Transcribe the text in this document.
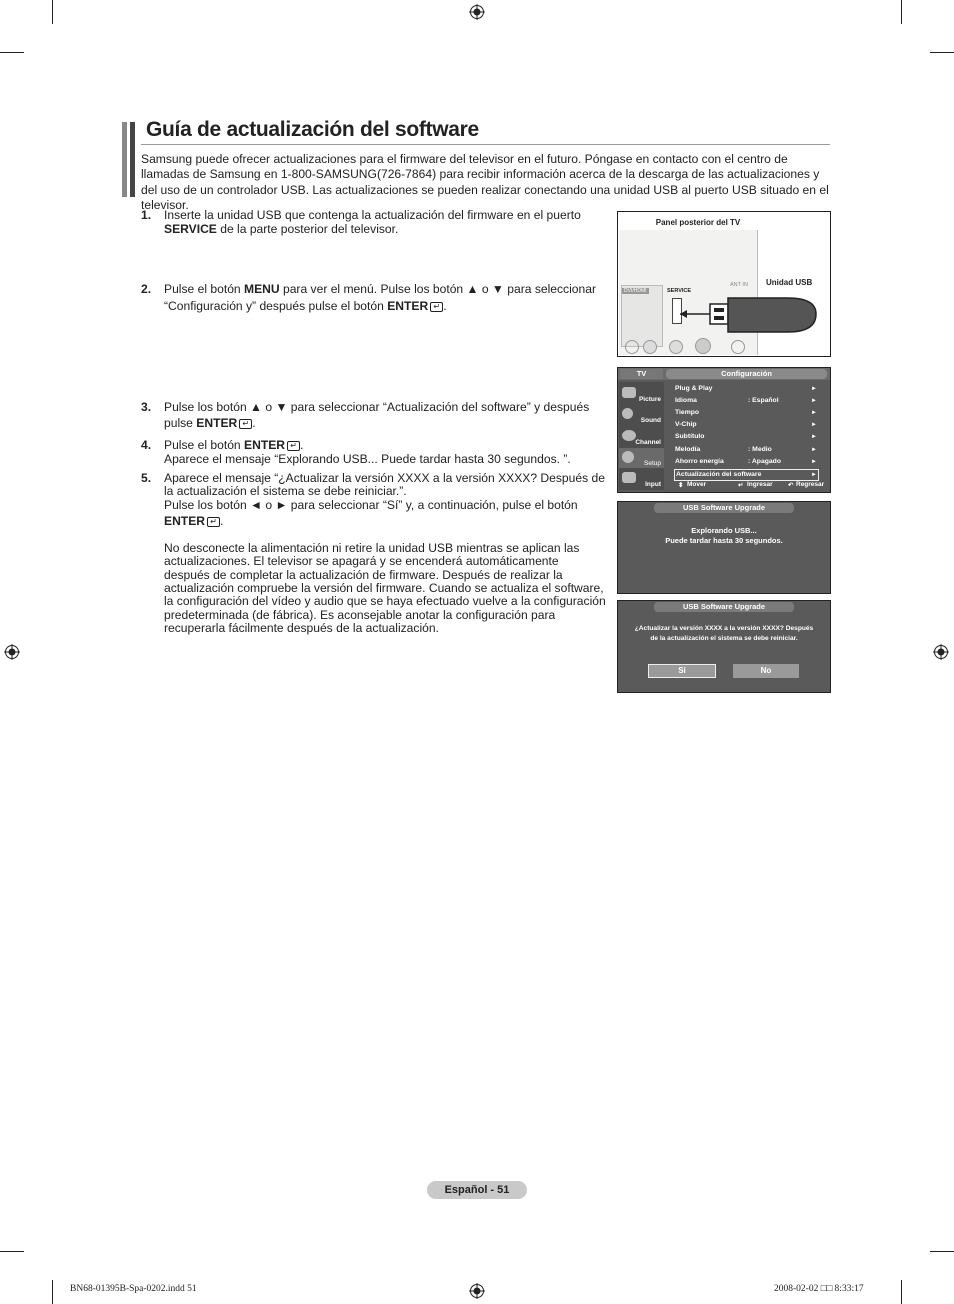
Guía de actualización del software
Samsung puede ofrecer actualizaciones para el firmware del televisor en el futuro. Póngase en contacto con el centro de llamadas de Samsung en 1-800-SAMSUNG(726-7864) para recibir información acerca de la descarga de las actualizaciones y del uso de un controlador USB. Las actualizaciones se pueden realizar conectando una unidad USB al puerto USB situado en el televisor.
1. Inserte la unidad USB que contenga la actualización del firmware en el puerto SERVICE de la parte posterior del televisor.
2. Pulse el botón MENU para ver el menú. Pulse los botón ▲ o ▼ para seleccionar “Configuración y” después pulse el botón ENTER ↵ .
3. Pulse los botón ▲ o ▼ para seleccionar “Actualización del software” y después pulse ENTER ↵ .
4. Pulse el botón ENTER ↵ .
Aparece el mensaje “Explorando USB... Puede tardar hasta 30 segundos. ”.
5. Aparece el mensaje “¿Actualizar la versión XXXX a la versión XXXX? Después de la actualización el sistema se debe reiniciar.”.
Pulse los botón ◄ o ► para seleccionar “Sí” y, a continuación, pulse el botón
ENTER ↵ .
No desconecte la alimentación ni retire la unidad USB mientras se aplican las actualizaciones. El televisor se apagará y se encenderá automáticamente después de completar la actualización de firmware. Después de realizar la actualización compruebe la versión del firmware. Cuando se actualiza el software, la configuración del vídeo y audio que se haya efectuado vuelve a la configuración predeterminada (de fábrica). Es aconsejable anotar la configuración para recuperarla fácilmente después de la actualización.
DVI/HDMI	SERVICE
ANT IN
Panel posterior del TV
Unidad USB
TV	Configuración
Picture
Sound
Channel
Setup
Input
Plug & Play	►
Idioma	: Español	►
Tiempo	►
V-Chip	►
Subtítulo	►
Melodía	: Medio	►
Ahorro energía	: Apagado	►
Actualización del software	►
⬍ Mover	↵ Ingresar ↶ Regresar
USB Software Upgrade
Explorando USB...
Puede tardar hasta 30 segundos.
USB Software Upgrade
¿Actualizar la versión XXXX a la versión XXXX? Después
de la actualización el sistema se debe reiniciar.
Sí	No
Español - 51
BN68-01395B-Spa-0202.indd 51	2008-02-02 □□ 8:33:17
